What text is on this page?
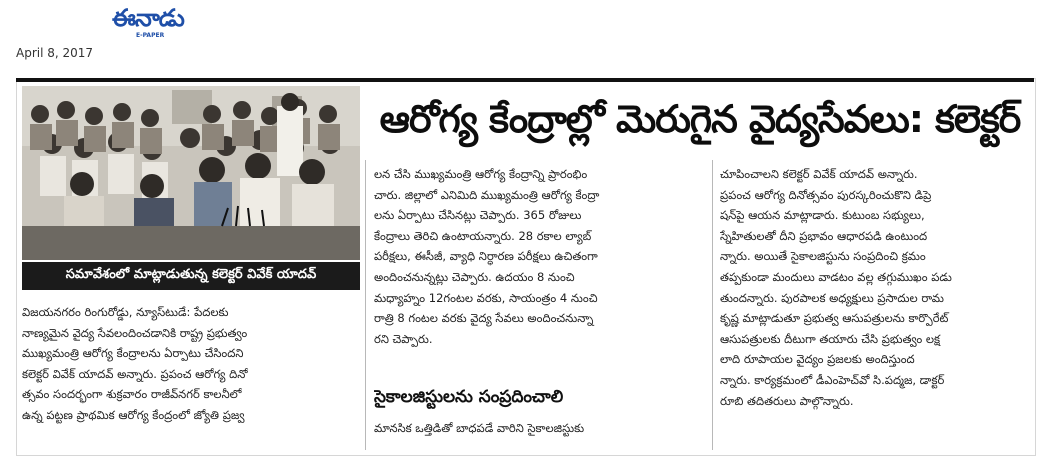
ఈనాడు
E-PAPER
April 8, 2017
సమావేశంలో మాట్లాడుతున్న కలెక్టర్ వివేక్ యాదవ్
ఆరోగ్య కేంద్రాల్లో మెరుగైన వైద్యసేవలు: కలెక్టర్
విజయనగరం రింగురోడ్డు, న్యూస్‌టుడే: పేదలకు
నాణ్యమైన వైద్య సేవలందించడానికి రాష్ట్ర ప్రభుత్వం
ముఖ్యమంత్రి ఆరోగ్య కేంద్రాలను ఏర్పాటు చేసిందని
కలెక్టర్ వివేక్ యాదవ్ అన్నారు. ప్రపంచ ఆరోగ్య దినో
త్సవం సందర్భంగా శుక్రవారం రాజీవ్‌నగర్ కాలనీలో
ఉన్న పట్టణ ప్రాథమిక ఆరోగ్య కేంద్రంలో జ్యోతి ప్రజ్వ
లన చేసి ముఖ్యమంత్రి ఆరోగ్య కేంద్రాన్ని ప్రారంభిం
చారు. జిల్లాలో ఎనిమిది ముఖ్యమంత్రి ఆరోగ్య కేంద్రా
లను ఏర్పాటు చేసినట్లు చెప్పారు. 365 రోజులు
కేంద్రాలు తెరిచి ఉంటాయన్నారు. 28 రకాల ల్యాబ్
పరీక్షలు, ఈసీజీ, వ్యాధి నిర్ధారణ పరీక్షలు ఉచితంగా
అందించనున్నట్లు చెప్పారు. ఉదయం 8 నుంచి
మధ్యాహ్నం 12గంటల వరకు, సాయంత్రం 4 నుంచి
రాత్రి 8 గంటల వరకు వైద్య సేవలు అందించనున్నా
రని చెప్పారు.
సైకాలజిస్టులను సంప్రదించాలి
మానసిక ఒత్తిడితో బాధపడే వారిని సైకాలజిస్టుకు
చూపించాలని కలెక్టర్ వివేక్ యాదవ్ అన్నారు.
ప్రపంచ ఆరోగ్య దినోత్సవం పురస్కరించుకొని డిప్రె
షన్‌పై ఆయన మాట్లాడారు. కుటుంబ సభ్యులు,
స్నేహితులతో దీని ప్రభావం ఆధారపడి ఉంటుంద
న్నారు. అయితే సైకాలజిస్టును సంప్రదించి క్రమం
తప్పకుండా మందులు వాడటం వల్ల తగ్గుముఖం పడు
తుందన్నారు. పురపాలక అధ్యక్షులు ప్రసాదుల రామ
కృష్ణ మాట్లాడుతూ ప్రభుత్వ ఆసుపత్రులను కార్పొరేట్
ఆసుపత్రులకు దీటుగా తయారు చేసి ప్రభుత్వం లక్ష
లాది రూపాయల వైద్యం ప్రజలకు అందిస్తుంద
న్నారు. కార్యక్రమంలో డీఎంహెచ్‌వో సి.పద్మజ, డాక్టర్
రూబి తదితరులు పాల్గొన్నారు.
